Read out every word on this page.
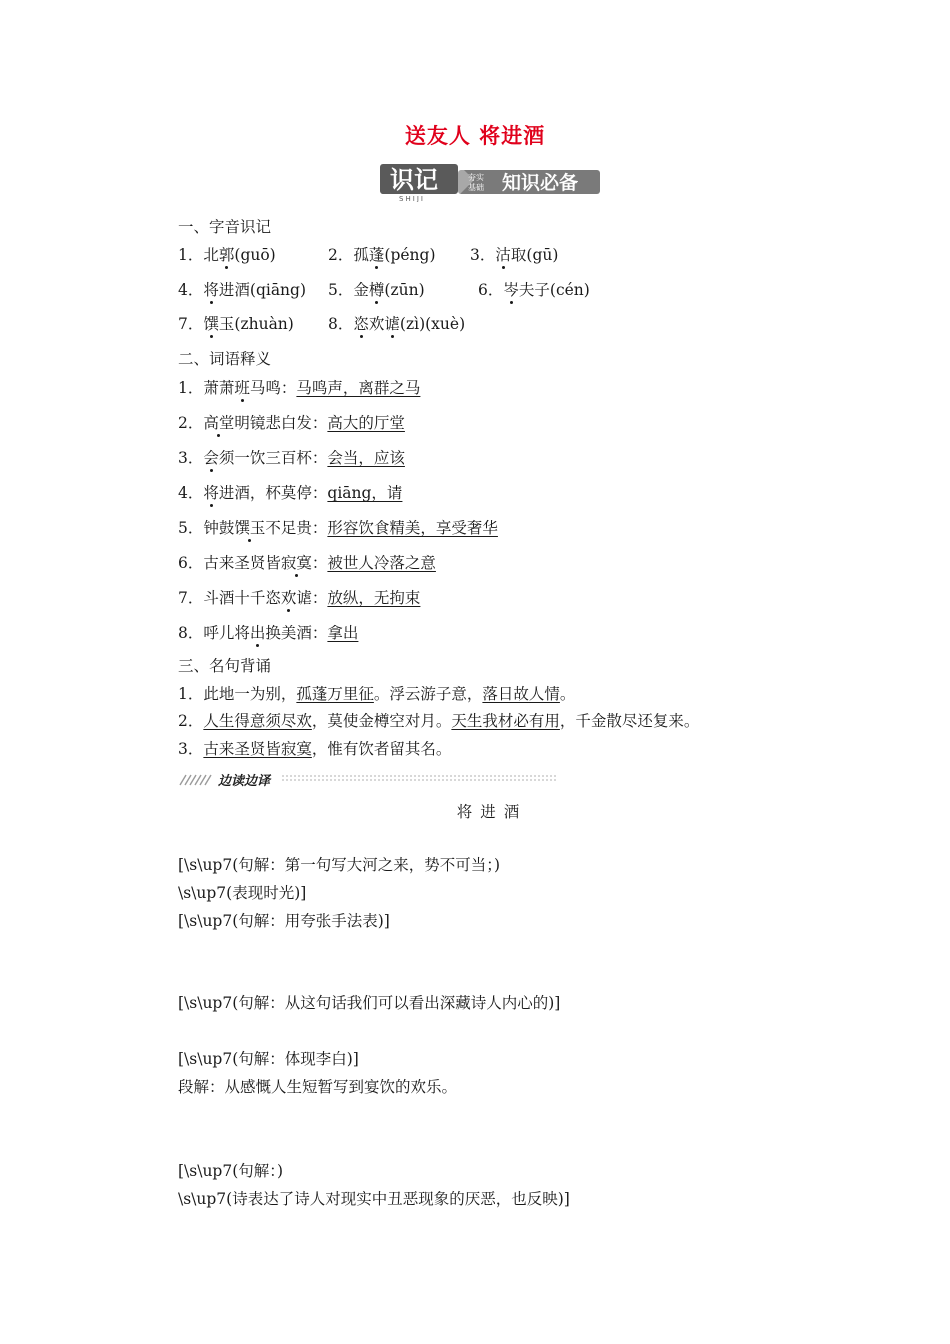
送友人 将进酒
识记
SHIJI
夯实
基础 知识必备
一、字音识记
1．北郭(guō)	2．孤蓬(péng) 3．沽取(gū)
4．将进酒(qiāng) 5．金樽(zūn)	6．岑夫子(cén)
7．馔玉(zhuàn) 8．恣欢谑(zì)(xuè)
二、词语释义
1．萧萧班马鸣：马鸣声，离群之马
2．高堂明镜悲白发：高大的厅堂
3．会须一饮三百杯：会当，应该
4．将进酒，杯莫停：qiāng，请
5．钟鼓馔玉不足贵：形容饮食精美，享受奢华
6．古来圣贤皆寂寞：被世人冷落之意
7．斗酒十千恣欢谑：放纵，无拘束
8．呼儿将出换美酒：拿出
三、名句背诵
1．此地一为别，孤蓬万里征。浮云游子意，落日故人情。
2．人生得意须尽欢，莫使金樽空对月。天生我材必有用，千金散尽还复来。
3．古来圣贤皆寂寞，惟有饮者留其名。
边读边译
将进酒
[\s\up7(句解：第一句写大河之来，势不可当；)
\s\up7(表现时光)]
[\s\up7(句解：用夸张手法表)]
[\s\up7(句解：从这句话我们可以看出深藏诗人内心的)]
[\s\up7(句解：体现李白)]
段解：从感慨人生短暂写到宴饮的欢乐。
[\s\up7(句解：)
\s\up7(诗表达了诗人对现实中丑恶现象的厌恶，也反映)]
